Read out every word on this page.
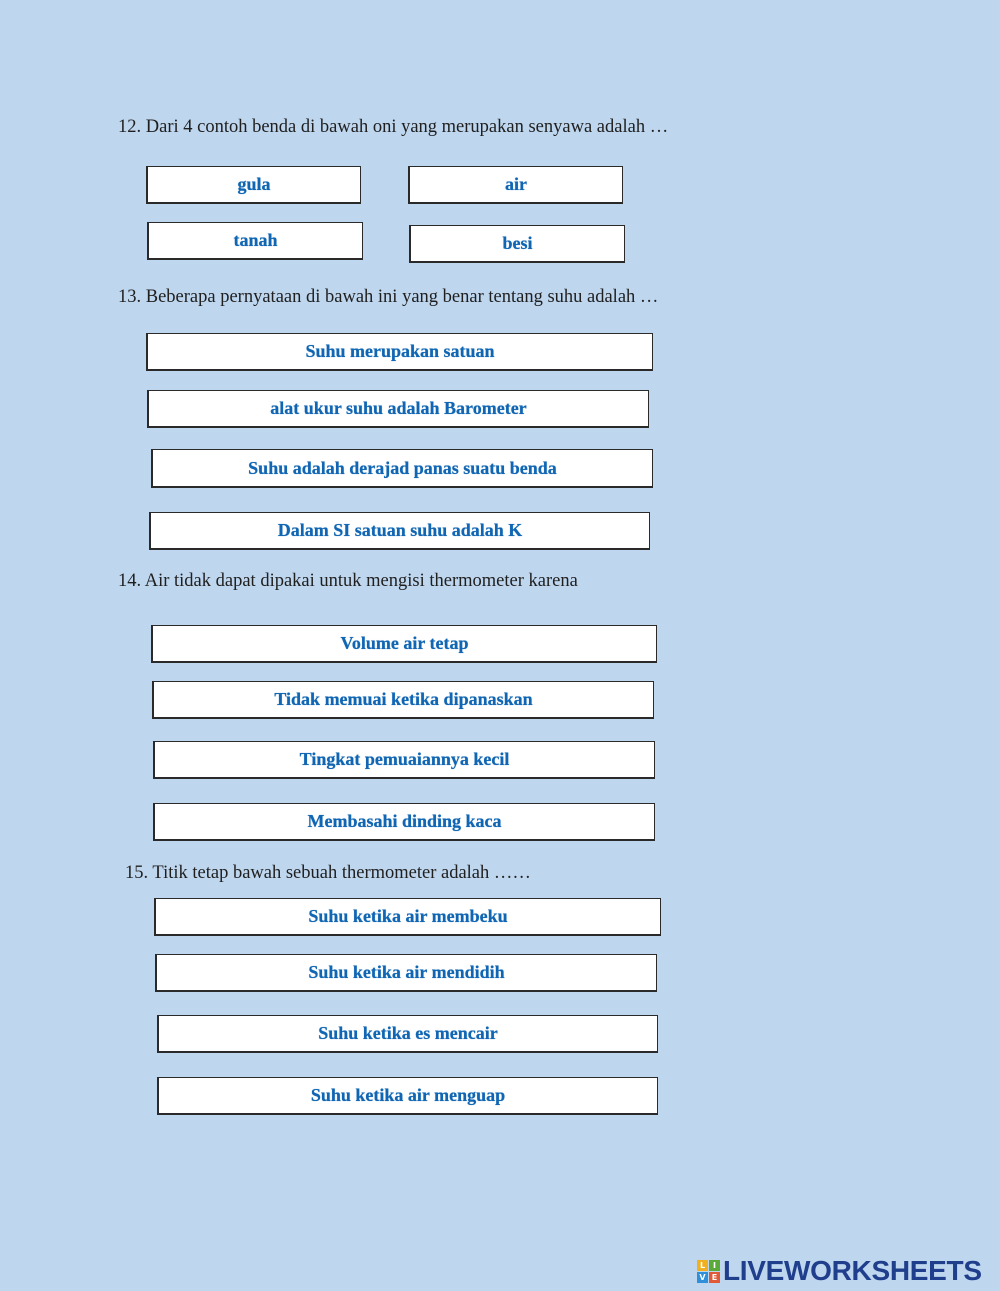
12. Dari 4 contoh benda di bawah oni yang merupakan senyawa adalah …
gula	air
tanah	besi
13. Beberapa pernyataan di bawah ini yang benar tentang suhu adalah …
Suhu merupakan satuan
alat ukur suhu adalah Barometer
Suhu adalah derajad panas suatu benda
Dalam SI satuan suhu adalah K
14. Air tidak dapat dipakai untuk mengisi thermometer karena
Volume air tetap
Tidak memuai ketika dipanaskan
Tingkat pemuaiannya kecil
Membasahi dinding kaca
15. Titik tetap bawah sebuah thermometer adalah ……
Suhu ketika air membeku
Suhu ketika air mendidih
Suhu ketika es mencair
Suhu ketika air menguap
L I
V E LIVEWORKSHEETS
